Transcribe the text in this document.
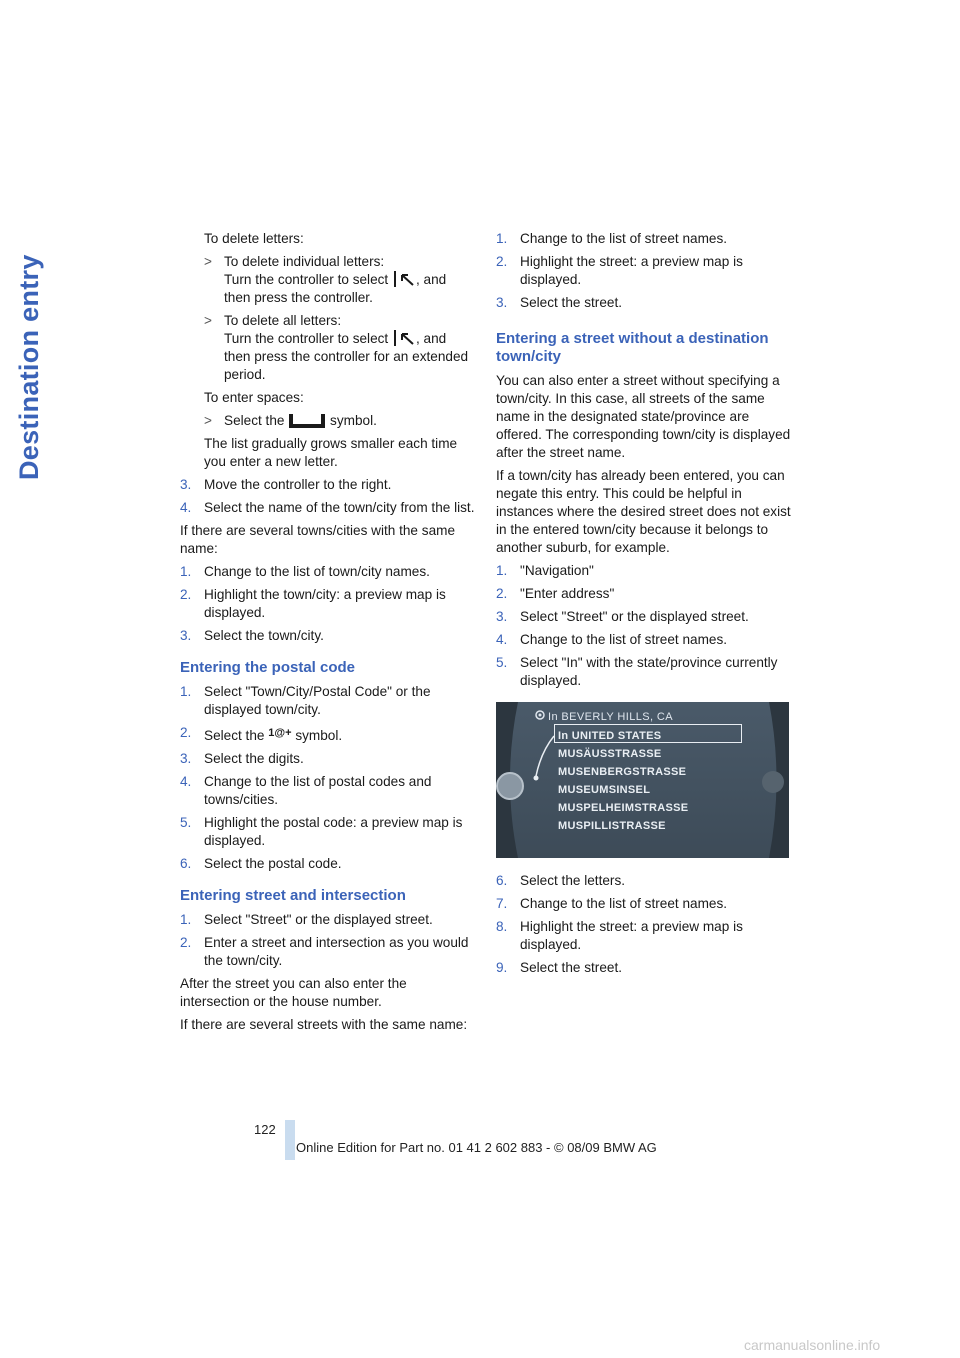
Destination entry

To delete letters:

> To delete individual letters:
Turn the controller to select , and
then press the controller.
> To delete all letters:
Turn the controller to select , and
then press the controller for an extended
period.

To enter spaces:

> Select the	symbol.

The list gradually grows smaller each time you enter a new letter.

3. Move the controller to the right.
4. Select the name of the town/city from the list.

If there are several towns/cities with the same name:

1. Change to the list of town/city names.
2. Highlight the town/city: a preview map is displayed.
3. Select the town/city.
Entering the postal code
1. Select "Town/City/Postal Code" or the displayed town/city.
2. Select the $^{1@+}$ symbol.
3. Select the digits.
4. Change to the list of postal codes and towns/cities.
5. Highlight the postal code: a preview map is displayed.
6. Select the postal code.
Entering street and intersection
1. Select "Street" or the displayed street.
2. Enter a street and intersection as you would the town/city.

After the street you can also enter the intersection or the house number.

If there are several streets with the same name:

1. Change to the list of street names.
2. Highlight the street: a preview map is displayed.
3. Select the street.
Entering a street without a destination town/city

You can also enter a street without specifying a town/city. In this case, all streets of the same name in the designated state/province are offered. The corresponding town/city is displayed after the street name.

If a town/city has already been entered, you can negate this entry. This could be helpful in instances where the desired street does not exist in the entered town/city because it belongs to another suburb, for example.

1. "Navigation"
2. "Enter address"
3. Select "Street" or the displayed street.
4. Change to the list of street names.
5. Select "In" with the state/province currently displayed.
In BEVERLY HILLS, CA
In UNITED STATES
MUSÄUSSTRASSE
MUSENBERGSTRASSE
MUSEUMSINSEL
MUSPELHEIMSTRASSE
MUSPILLISTRASSE
6. Select the letters.
7. Change to the list of street names.
8. Highlight the street: a preview map is displayed.
9. Select the street.
122
Online Edition for Part no. 01 41 2 602 883 - © 08/09 BMW AG
carmanualsonline.info
